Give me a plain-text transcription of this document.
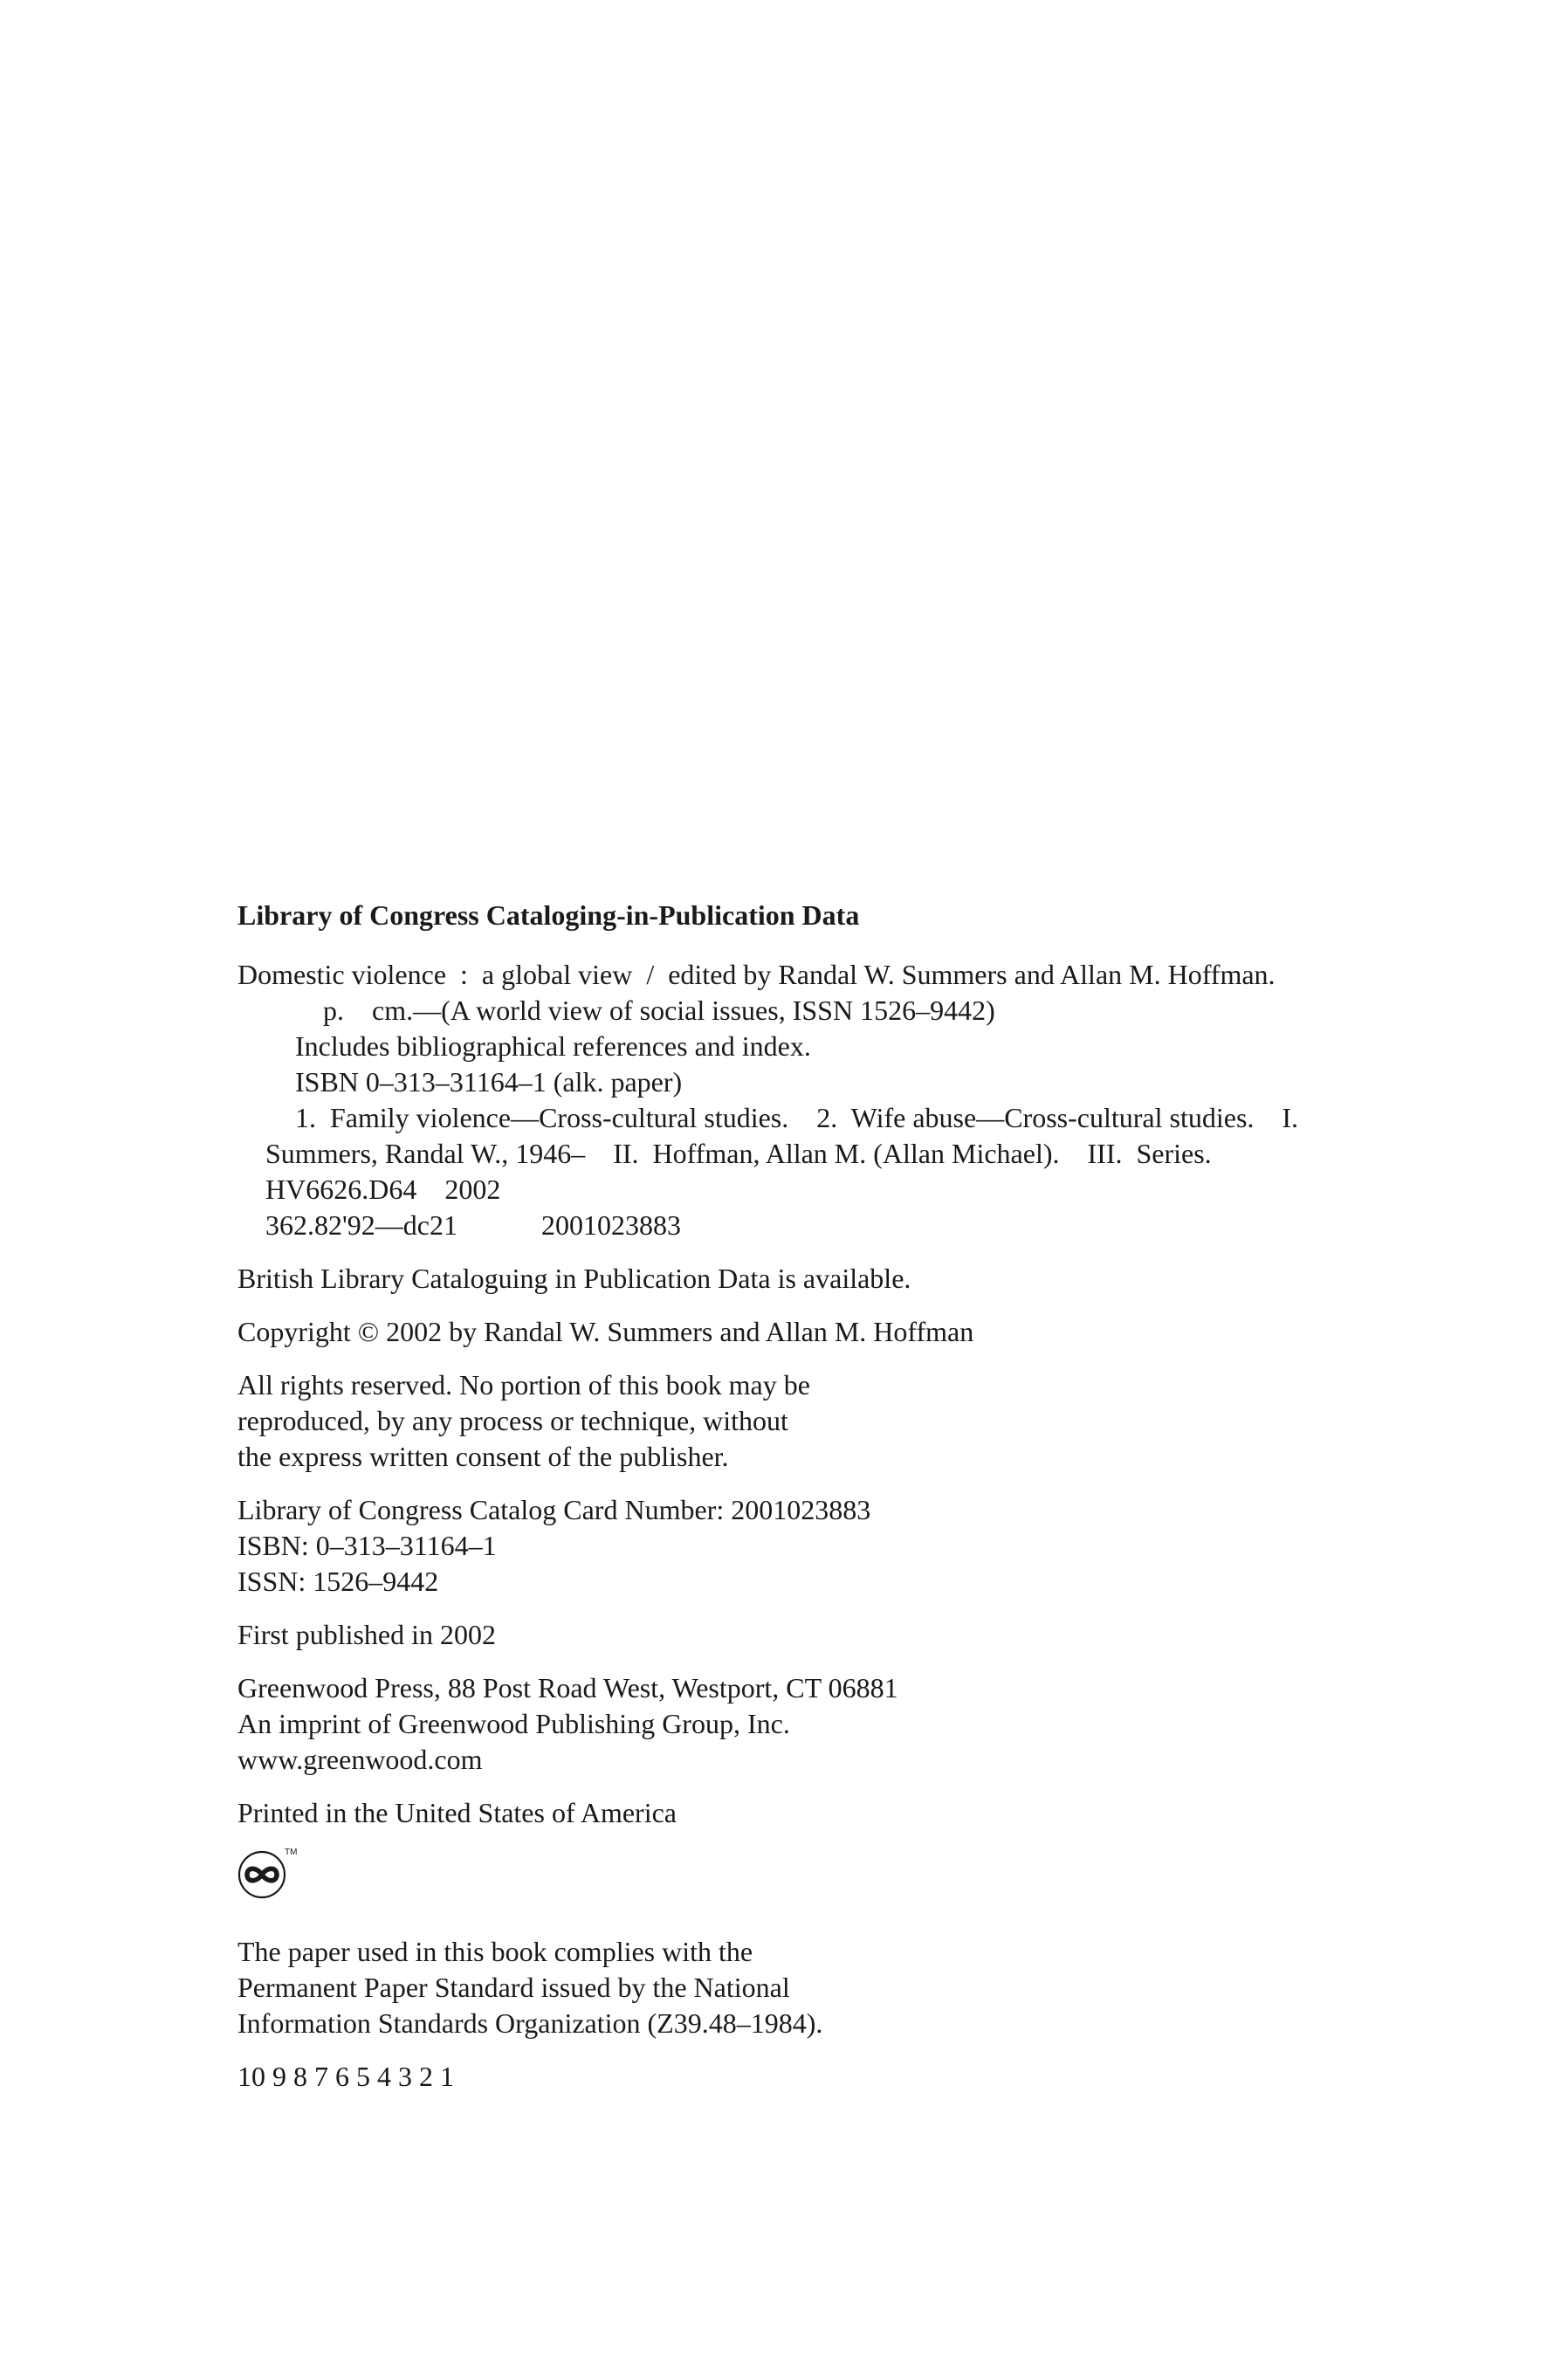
Library of Congress Cataloging-in-Publication Data
Domestic violence  :  a global view  /  edited by Randal W. Summers and Allan M. Hoffman.
p.    cm.—(A world view of social issues, ISSN 1526–9442)
Includes bibliographical references and index.
ISBN 0–313–31164–1 (alk. paper)
1.  Family violence—Cross-cultural studies.    2.  Wife abuse—Cross-cultural studies.    I.
Summers, Randal W., 1946–    II.  Hoffman, Allan M. (Allan Michael).    III.  Series.
HV6626.D64    2002
362.82'92—dc21            2001023883
British Library Cataloguing in Publication Data is available.
Copyright © 2002 by Randal W. Summers and Allan M. Hoffman
All rights reserved. No portion of this book may be
reproduced, by any process or technique, without
the express written consent of the publisher.
Library of Congress Catalog Card Number: 2001023883
ISBN: 0–313–31164–1
ISSN: 1526–9442
First published in 2002
Greenwood Press, 88 Post Road West, Westport, CT 06881
An imprint of Greenwood Publishing Group, Inc.
www.greenwood.com
Printed in the United States of America
TM
The paper used in this book complies with the
Permanent Paper Standard issued by the National
Information Standards Organization (Z39.48–1984).
10 9 8 7 6 5 4 3 2 1
